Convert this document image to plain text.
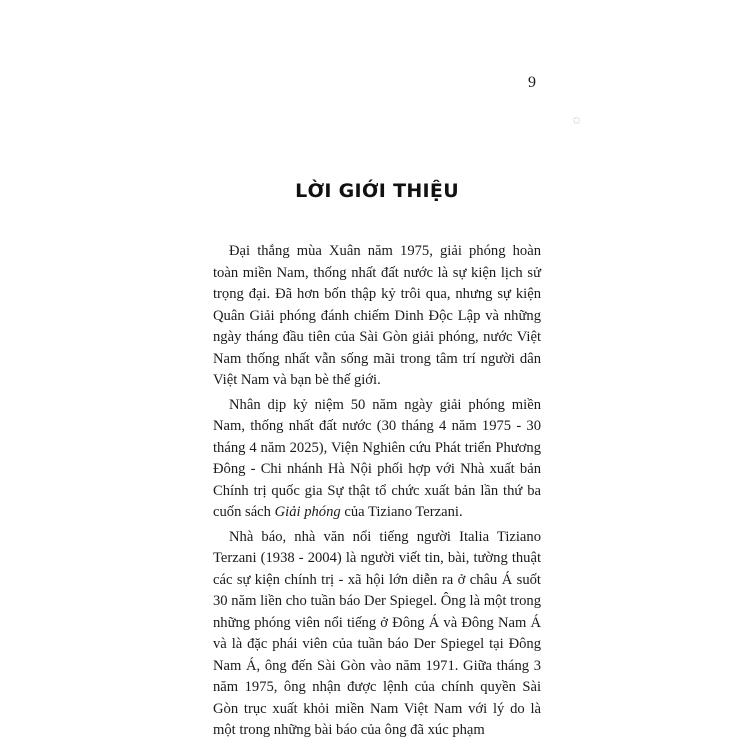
✩
9
LỜI GIỚI THIỆU

Đại thắng mùa Xuân năm 1975, giải phóng hoàn toàn miền Nam, thống nhất đất nước là sự kiện lịch sử trọng đại. Đã hơn bốn thập kỷ trôi qua, nhưng sự kiện Quân Giải phóng đánh chiếm Dinh Độc Lập và những ngày tháng đầu tiên của Sài Gòn giải phóng, nước Việt Nam thống nhất vẫn sống mãi trong tâm trí người dân Việt Nam và bạn bè thế giới.

Nhân dịp kỷ niệm 50 năm ngày giải phóng miền Nam, thống nhất đất nước (30 tháng 4 năm 1975 - 30 tháng 4 năm 2025), Viện Nghiên cứu Phát triển Phương Đông - Chi nhánh Hà Nội phối hợp với Nhà xuất bản Chính trị quốc gia Sự thật tổ chức xuất bản lần thứ ba cuốn sách Giải phóng của Tiziano Terzani.

Nhà báo, nhà văn nổi tiếng người Italia Tiziano Terzani (1938 - 2004) là người viết tin, bài, tường thuật các sự kiện chính trị - xã hội lớn diễn ra ở châu Á suốt 30 năm liền cho tuần báo Der Spiegel. Ông là một trong những phóng viên nổi tiếng ở Đông Á và Đông Nam Á và là đặc phái viên của tuần báo Der Spiegel tại Đông Nam Á, ông đến Sài Gòn vào năm 1971. Giữa tháng 3 năm 1975, ông nhận được lệnh của chính quyền Sài Gòn trục xuất khỏi miền Nam Việt Nam với lý do là một trong những bài báo của ông đã xúc phạm
